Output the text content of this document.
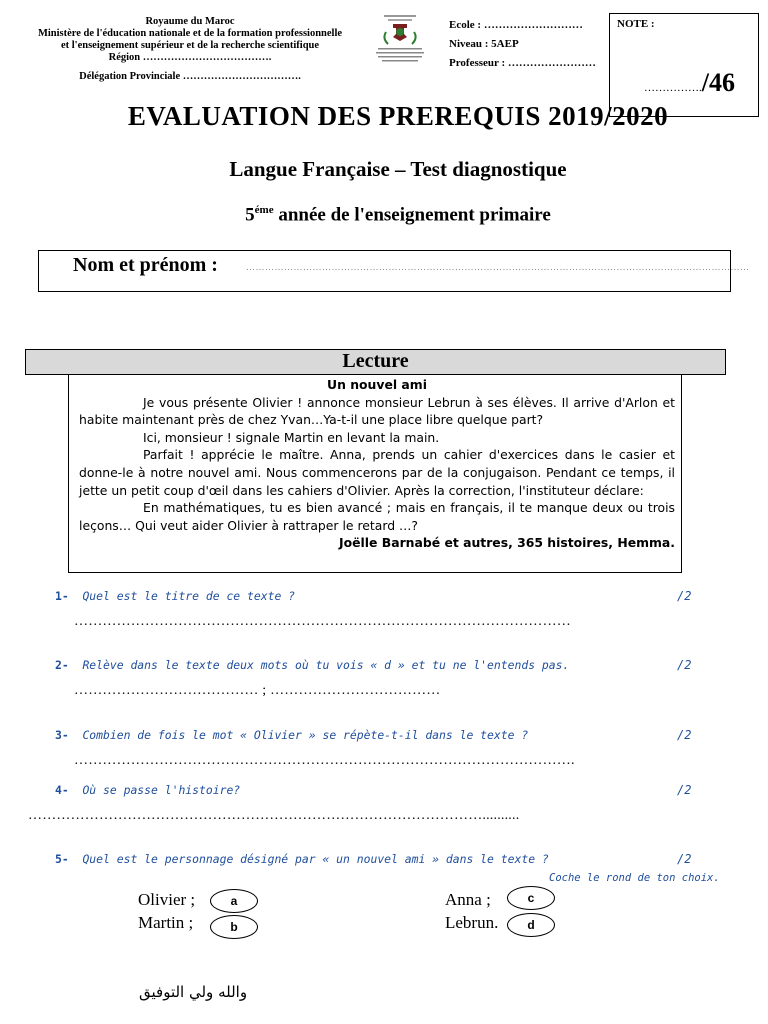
Royaume du Maroc
Ministère de l'éducation nationale et de la formation professionnelle
et l'enseignement supérieur et de la recherche scientifique
Région ……………………………….
Délégation Provinciale …………………………….
Ecole : ………………………
Niveau : 5AEP
Professeur : ……………………
NOTE :
……………./46
EVALUATION DES PREREQUIS 2019/2020
Langue Française – Test diagnostique
$5^{éme}$ année de l'enseignement primaire
Nom et prénom :	……………………………………………………………………………………………………………………………………………
Lecture

Un nouvel ami

Je vous présente Olivier ! annonce monsieur Lebrun à ses élèves. Il arrive d'Arlon et habite maintenant près de chez Yvan…Ya-t-il une place libre quelque part?

Ici, monsieur ! signale Martin en levant la main.

Parfait ! apprécie le maître. Anna, prends un cahier d'exercices dans le casier et donne-le à notre nouvel ami. Nous commencerons par de la conjugaison. Pendant ce temps, il jette un petit coup d'œil dans les cahiers d'Olivier. Après la correction, l'instituteur déclare:

En mathématiques, tu es bien avancé ; mais en français, il te manque deux ou trois leçons… Qui veut aider Olivier à rattraper le retard …?

Joëlle Barnabé et autres, 365 histoires, Hemma.

1- Quel est le titre de ce texte ?	/2
……………………………………………………………………………………………
2- Relève dans le texte deux mots où tu vois « d » et tu ne l'entends pas.	/2
………………………………… ; ………………………………
3- Combien de fois le mot « Olivier » se répète-t-il dans le texte ?	/2
…………………………………………………………………………………………….
4- Où se passe l'histoire?	/2
……………………………………………………………………………………..........
5- Quel est le personnage désigné par « un nouvel ami » dans le texte ?	/2
Coche le rond de ton choix.
Olivier ;	a
Martin ;	b
Anna ;	c
Lebrun.	d
والله ولي التوفيق
